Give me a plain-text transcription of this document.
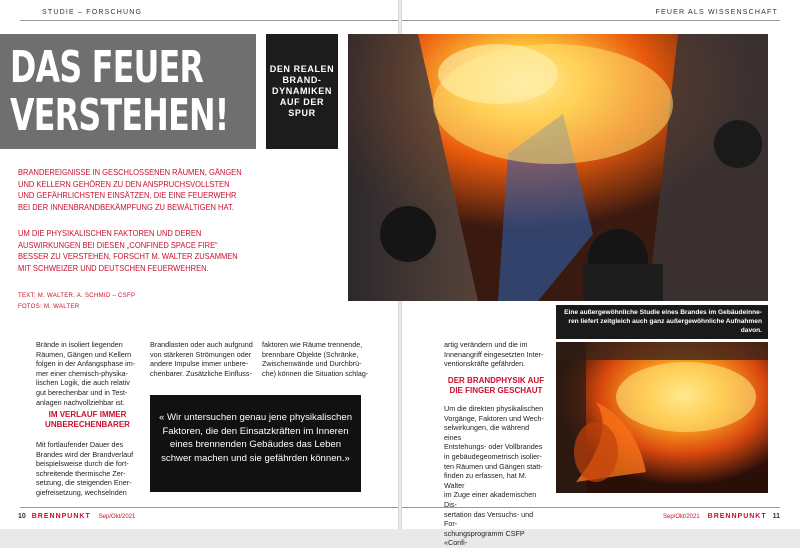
STUDIE – FORSCHUNG
DAS FEUER
VERSTEHEN!
DEN REALEN
BRAND-
DYNAMIKEN
AUF DER
SPUR
BRANDEREIGNISSE IN GESCHLOSSENEN RÄUMEN, GÄNGEN UND KELLERN GEHÖREN ZU DEN ANSPRUCHSVOLLSTEN UND GEFÄHRLICHSTEN EINSÄTZEN, DIE EINE FEUERWEHR BEI DER INNENBRANDBEKÄMPFUNG ZU BEWÄLTIGEN HAT.
UM DIE PHYSIKALISCHEN FAKTOREN UND DEREN AUSWIRKUNGEN BEI DIESEN „CONFINED SPACE FIRE“ BESSER ZU VERSTEHEN, FORSCHT M. WALTER ZUSAMMEN MIT SCHWEIZER UND DEUTSCHEN FEUERWEHREN.
TEXT: M. WALTER, A. SCHMID – CSFP
FOTOS: M. WALTER
Brände in isoliert liegenden
Räumen, Gängen und Kellern
folgen in der Anfangsphase im-
mer einer chemisch-physika-
lischen Logik, die auch relativ
gut berechenbar und in Test-
anlagen nachvollziehbar ist.
IM VERLAUF IMMER
UNBERECHENBARER
Mit fortlaufender Dauer des
Brandes wird der Brandverlauf
beispielsweise durch die fort-
schreitende thermische Zer-
setzung, die steigenden Ener-
giefreisetzung, wechselnden
Brandlasten oder auch aufgrund
von stärkeren Strömungen oder
andere Impulse immer unbere-
chenbarer. Zusätzliche Einfluss-
faktoren wie Räume trennende,
brennbare Objekte (Schränke,
Zwischenwände und Durchbrü-
che) können die Situation schlag-
« Wir untersuchen genau jene physikalischen Faktoren, die den Einsatzkräften im Inneren eines brennenden Gebäudes das Leben schwer machen und sie gefährden können.»
10 BRENNPUNKT Sep/Okt/2021
FEUER ALS WISSENSCHAFT
Sep/Okt/2021 BRENNPUNKT 11
Eine außergewöhnliche Studie eines Brandes im Gebäudeinne-
ren liefert zeitgleich auch ganz außergewöhnliche Aufnahmen
davon.
artig verändern und die im
Innenangriff eingesetzten Inter-
ventionskräfte gefährden.
DER BRANDPHYSIK AUF
DIE FINGER GESCHAUT
Um die direkten physikalischen
Vorgänge, Faktoren und Wech-
selwirkungen, die während eines
Entstehungs- oder Vollbrandes
in gebäudegeometrisch isolier-
ten Räumen und Gängen statt-
finden zu erfassen, hat M. Walter
im Zuge einer akademischen Dis-
sertation das Versuchs- und For-
schungsprogramm CSFP «Confi-
